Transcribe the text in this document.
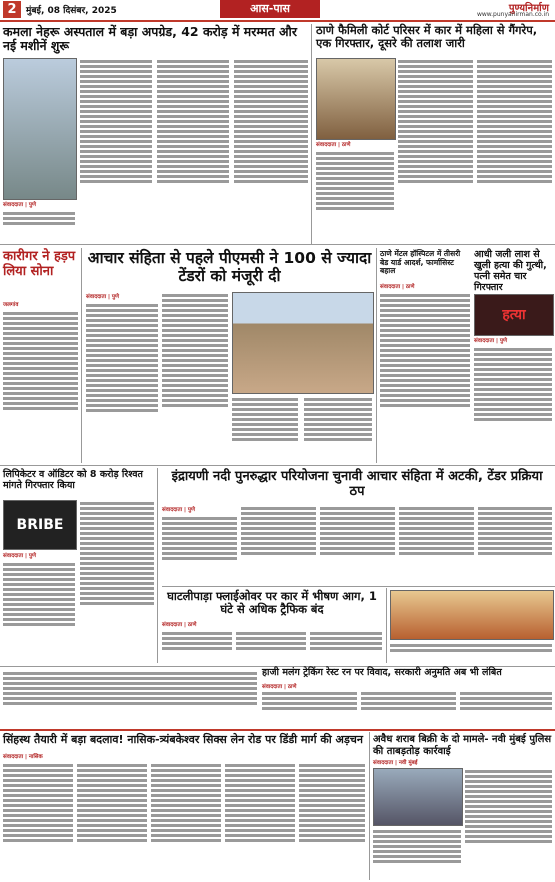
2	मुंबई, 08 दिसंबर, 2025	आस-पास	पुण्यनिर्माण
www.punyanirman.co.in
कमला नेहरू अस्पताल में बड़ा अपग्रेड, 42 करोड़ में मरम्मत और नई मशीनें शुरू
संवाददाता | पुणे
ठाणे फैमिली कोर्ट परिसर में कार में महिला से गैंगरेप, एक गिरफ्तार, दूसरे की तलाश जारी
संवाददाता | ठाणे
कारीगर ने हड़प लिया सोना
जलगांव
आचार संहिता से पहले पीएमसी ने 100 से ज्यादा टेंडरों को मंजूरी दी
संवाददाता | पुणे
ठाणे मेंटल हॉस्पिटल में तीसरी बेड यार्ड आदर्श, फार्मासिस्ट बहाल
संवाददाता | ठाणे
आधी जली लाश से खुली हत्या की गुत्थी, पत्नी समेत चार गिरफ्तार
हत्या
संवाददाता | पुणे
लिपिकेटर व ऑडिटर को 8 करोड़ रिश्वत मांगते गिरफ्तार किया
BRIBE
संवाददाता | पुणे
इंद्रायणी नदी पुनरुद्धार परियोजना चुनावी आचार संहिता में अटकी, टेंडर प्रक्रिया ठप
संवाददाता | पुणे
घाटलीपाड़ा फ्लाईओवर पर कार में भीषण आग, 1 घंटे से अधिक ट्रैफिक बंद
संवाददाता | ठाणे
हाजी मलंग ट्रेकिंग रेस्ट रन पर विवाद, सरकारी अनुमति अब भी लंबित
संवाददाता | ठाणे
सिंहस्थ तैयारी में बड़ा बदलाव! नासिक-त्र्यंबकेश्वर सिक्स लेन रोड पर डिंडी मार्ग की अड़चन
संवाददाता | नासिक
अवैध शराब बिक्री के दो मामले- नवी मुंबई पुलिस की ताबड़तोड़ कार्रवाई
संवाददाता | नवी मुंबई
